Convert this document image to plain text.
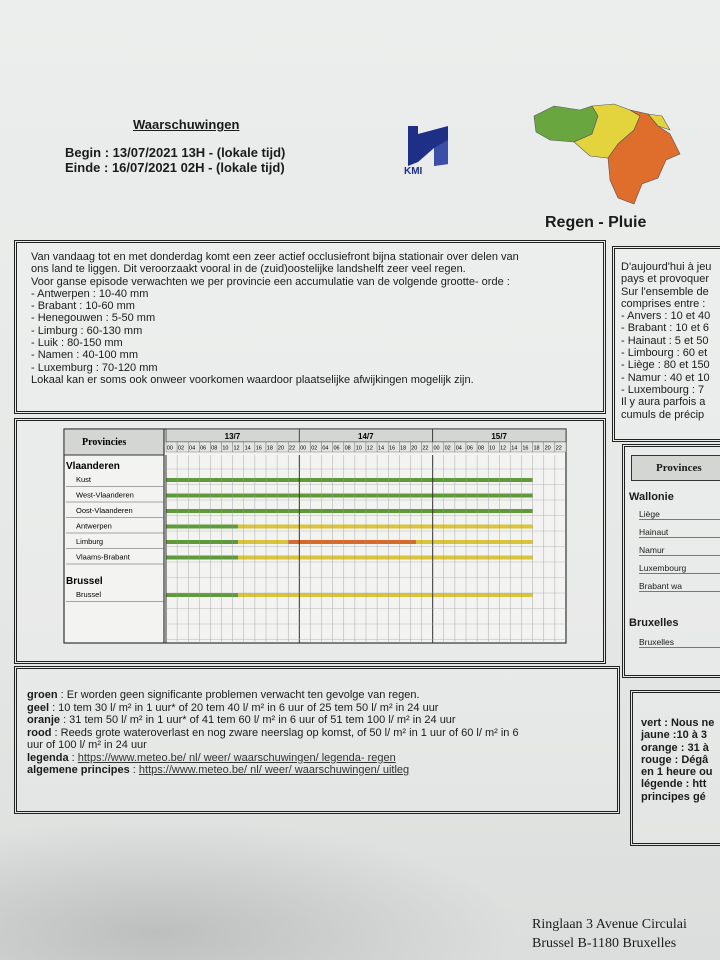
Waarschuwingen
Begin : 13/07/2021 13H - (lokale tijd)
Einde : 16/07/2021 02H - (lokale tijd)	KMI
Regen - Pluie
Van vandaag tot en met donderdag komt een zeer actief occlusiefront bijna stationair over delen van
ons land te liggen. Dit veroorzaakt vooral in de (zuid)oostelijke landshelft zeer veel regen.
Voor ganse episode verwachten we per provincie een accumulatie van de volgende grootte- orde :
- Antwerpen : 10-40 mm
- Brabant : 10-60 mm
- Henegouwen : 5-50 mm
- Limburg : 60-130 mm
- Luik : 80-150 mm
- Namen : 40-100 mm
- Luxemburg : 70-120 mm
Lokaal kan er soms ook onweer voorkomen waardoor plaatselijke afwijkingen mogelijk zijn.
D'aujourd'hui à jeu
pays et provoquer
Sur l'ensemble de
comprises entre :
- Anvers : 10 et 40
- Brabant : 10 et 6
- Hainaut : 5 et 50
- Limbourg : 60 et
- Liège : 80 et 150
- Namur : 40 et 10
- Luxembourg : 7
Il y aura parfois a
cumuls de précip
Provincies
13/7
00 02 04 06 08 10 12 14 16 18 20 22
14/7
00 02 04 06 08 10 12 14 16 18 20 22
15/7
00 02 04 06 08 10 12 14 16 18 20 22
Vlaanderen
Kust
West-Vlaanderen
Oost-Vlaanderen
Antwerpen
Limburg
Vlaams-Brabant
Brussel
Brussel
Provinces
Wallonie
Liège
Hainaut
Namur
Luxembourg
Brabant wa
Bruxelles
Bruxelles
groen : Er worden geen significante problemen verwacht ten gevolge van regen.
geel : 10 tem 30 l/ m² in 1 uur* of 20 tem 40 l/ m² in 6 uur of 25 tem 50 l/ m² in 24 uur
oranje : 31 tem 50 l/ m² in 1 uur* of 41 tem 60 l/ m² in 6 uur of 51 tem 100 l/ m² in 24 uur
rood : Reeds grote wateroverlast en nog zware neerslag op komst, of 50 l/ m² in 1 uur of 60 l/ m² in 6
uur of 100 l/ m² in 24 uur
legenda : https://www.meteo.be/ nl/ weer/ waarschuwingen/ legenda- regen
algemene principes : https://www.meteo.be/ nl/ weer/ waarschuwingen/ uitleg
vert : Nous ne
jaune :10 à 3
orange : 31 à
rouge : Dégâ
en 1 heure ou
légende : htt
principes gé
Ringlaan 3 Avenue Circulai
Brussel B-1180 Bruxelles
